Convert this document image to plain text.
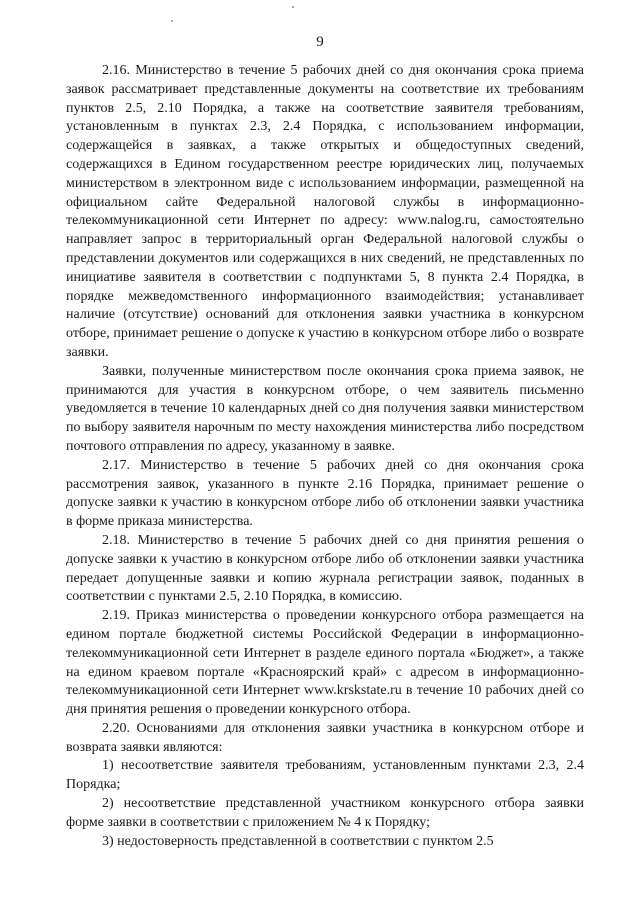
9

2.16. Министерство в течение 5 рабочих дней со дня окончания срока приема заявок рассматривает представленные документы на соответствие их требованиям пунктов 2.5, 2.10 Порядка, а также на соответствие заявителя требованиям, установленным в пунктах 2.3, 2.4 Порядка, с использованием информации, содержащейся в заявках, а также открытых и общедоступных сведений, содержащихся в Едином государственном реестре юридических лиц, получаемых министерством в электронном виде с использованием информации, размещенной на официальном сайте Федеральной налоговой службы в информационно-телекоммуникационной сети Интернет по адресу: www.nalog.ru, самостоятельно направляет запрос в территориальный орган Федеральной налоговой службы о представлении документов или содержащихся в них сведений, не представленных по инициативе заявителя в соответствии с подпунктами 5, 8 пункта 2.4 Порядка, в порядке межведомственного информационного взаимодействия; устанавливает наличие (отсутствие) оснований для отклонения заявки участника в конкурсном отборе, принимает решение о допуске к участию в конкурсном отборе либо о возврате заявки.

Заявки, полученные министерством после окончания срока приема заявок, не принимаются для участия в конкурсном отборе, о чем заявитель письменно уведомляется в течение 10 календарных дней со дня получения заявки министерством по выбору заявителя нарочным по месту нахождения министерства либо посредством почтового отправления по адресу, указанному в заявке.

2.17. Министерство в течение 5 рабочих дней со дня окончания срока рассмотрения заявок, указанного в пункте 2.16 Порядка, принимает решение о допуске заявки к участию в конкурсном отборе либо об отклонении заявки участника в форме приказа министерства.

2.18. Министерство в течение 5 рабочих дней со дня принятия решения о допуске заявки к участию в конкурсном отборе либо об отклонении заявки участника передает допущенные заявки и копию журнала регистрации заявок, поданных в соответствии с пунктами 2.5, 2.10 Порядка, в комиссию.

2.19. Приказ министерства о проведении конкурсного отбора размещается на едином портале бюджетной системы Российской Федерации в информационно-телекоммуникационной сети Интернет в разделе единого портала «Бюджет», а также на едином краевом портале «Красноярский край» с адресом в информационно-телекоммуникационной сети Интернет www.krskstate.ru в течение 10 рабочих дней со дня принятия решения о проведении конкурсного отбора.

2.20. Основаниями для отклонения заявки участника в конкурсном отборе и возврата заявки являются:

1) несоответствие заявителя требованиям, установленным пунктами 2.3, 2.4 Порядка;

2) несоответствие представленной участником конкурсного отбора заявки форме заявки в соответствии с приложением № 4 к Порядку;

3) недостоверность представленной в соответствии с пунктом 2.5
